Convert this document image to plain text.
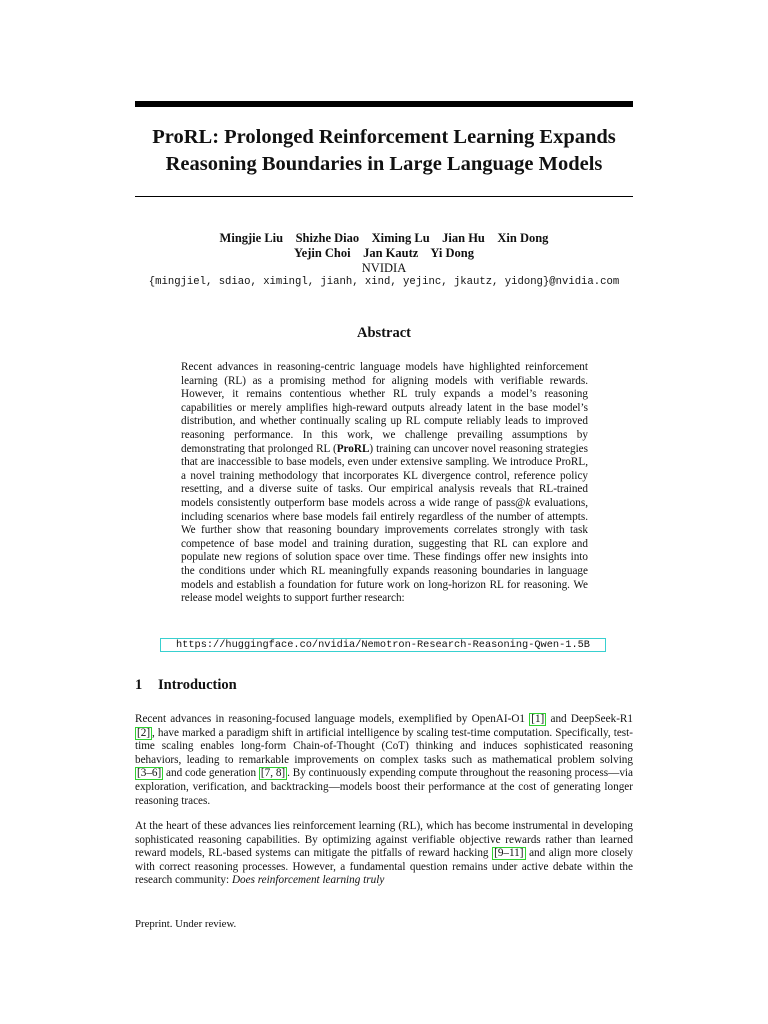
ProRL: Prolonged Reinforcement Learning Expands
Reasoning Boundaries in Large Language Models
Mingjie Liu    Shizhe Diao    Ximing Lu    Jian Hu    Xin Dong
Yejin Choi    Jan Kautz    Yi Dong
NVIDIA
{mingjiel, sdiao, ximingl, jianh, xind, yejinc, jkautz, yidong}@nvidia.com
Abstract
Recent advances in reasoning-centric language models have highlighted reinforcement learning (RL) as a promising method for aligning models with verifiable rewards. However, it remains contentious whether RL truly expands a model’s reasoning capabilities or merely amplifies high-reward outputs already latent in the base model’s distribution, and whether continually scaling up RL compute reliably leads to improved reasoning performance. In this work, we challenge prevailing assumptions by demonstrating that prolonged RL (ProRL) training can uncover novel reasoning strategies that are inaccessible to base models, even under extensive sampling. We introduce ProRL, a novel training methodology that incorporates KL divergence control, reference policy resetting, and a diverse suite of tasks. Our empirical analysis reveals that RL-trained models consistently outperform base models across a wide range of pass@k evaluations, including scenarios where base models fail entirely regardless of the number of attempts. We further show that reasoning boundary improvements correlates strongly with task competence of base model and training duration, suggesting that RL can explore and populate new regions of solution space over time. These findings offer new insights into the conditions under which RL meaningfully expands reasoning boundaries in language models and establish a foundation for future work on long-horizon RL for reasoning. We release model weights to support further research:
https://huggingface.co/nvidia/Nemotron-Research-Reasoning-Qwen-1.5B
1 Introduction
Recent advances in reasoning-focused language models, exemplified by OpenAI-O1 [1] and DeepSeek-R1 [2] , have marked a paradigm shift in artificial intelligence by scaling test-time computation. Specifically, test-time scaling enables long-form Chain-of-Thought (CoT) thinking and induces sophisticated reasoning behaviors, leading to remarkable improvements on complex tasks such as mathematical problem solving [3–6] and code generation [7, 8] . By continuously expending compute throughout the reasoning process—via exploration, verification, and backtracking—models boost their performance at the cost of generating longer reasoning traces.
At the heart of these advances lies reinforcement learning (RL), which has become instrumental in developing sophisticated reasoning capabilities. By optimizing against verifiable objective rewards rather than learned reward models, RL-based systems can mitigate the pitfalls of reward hacking [9–11] and align more closely with correct reasoning processes. However, a fundamental question remains under active debate within the research community: Does reinforcement learning truly
Preprint. Under review.
